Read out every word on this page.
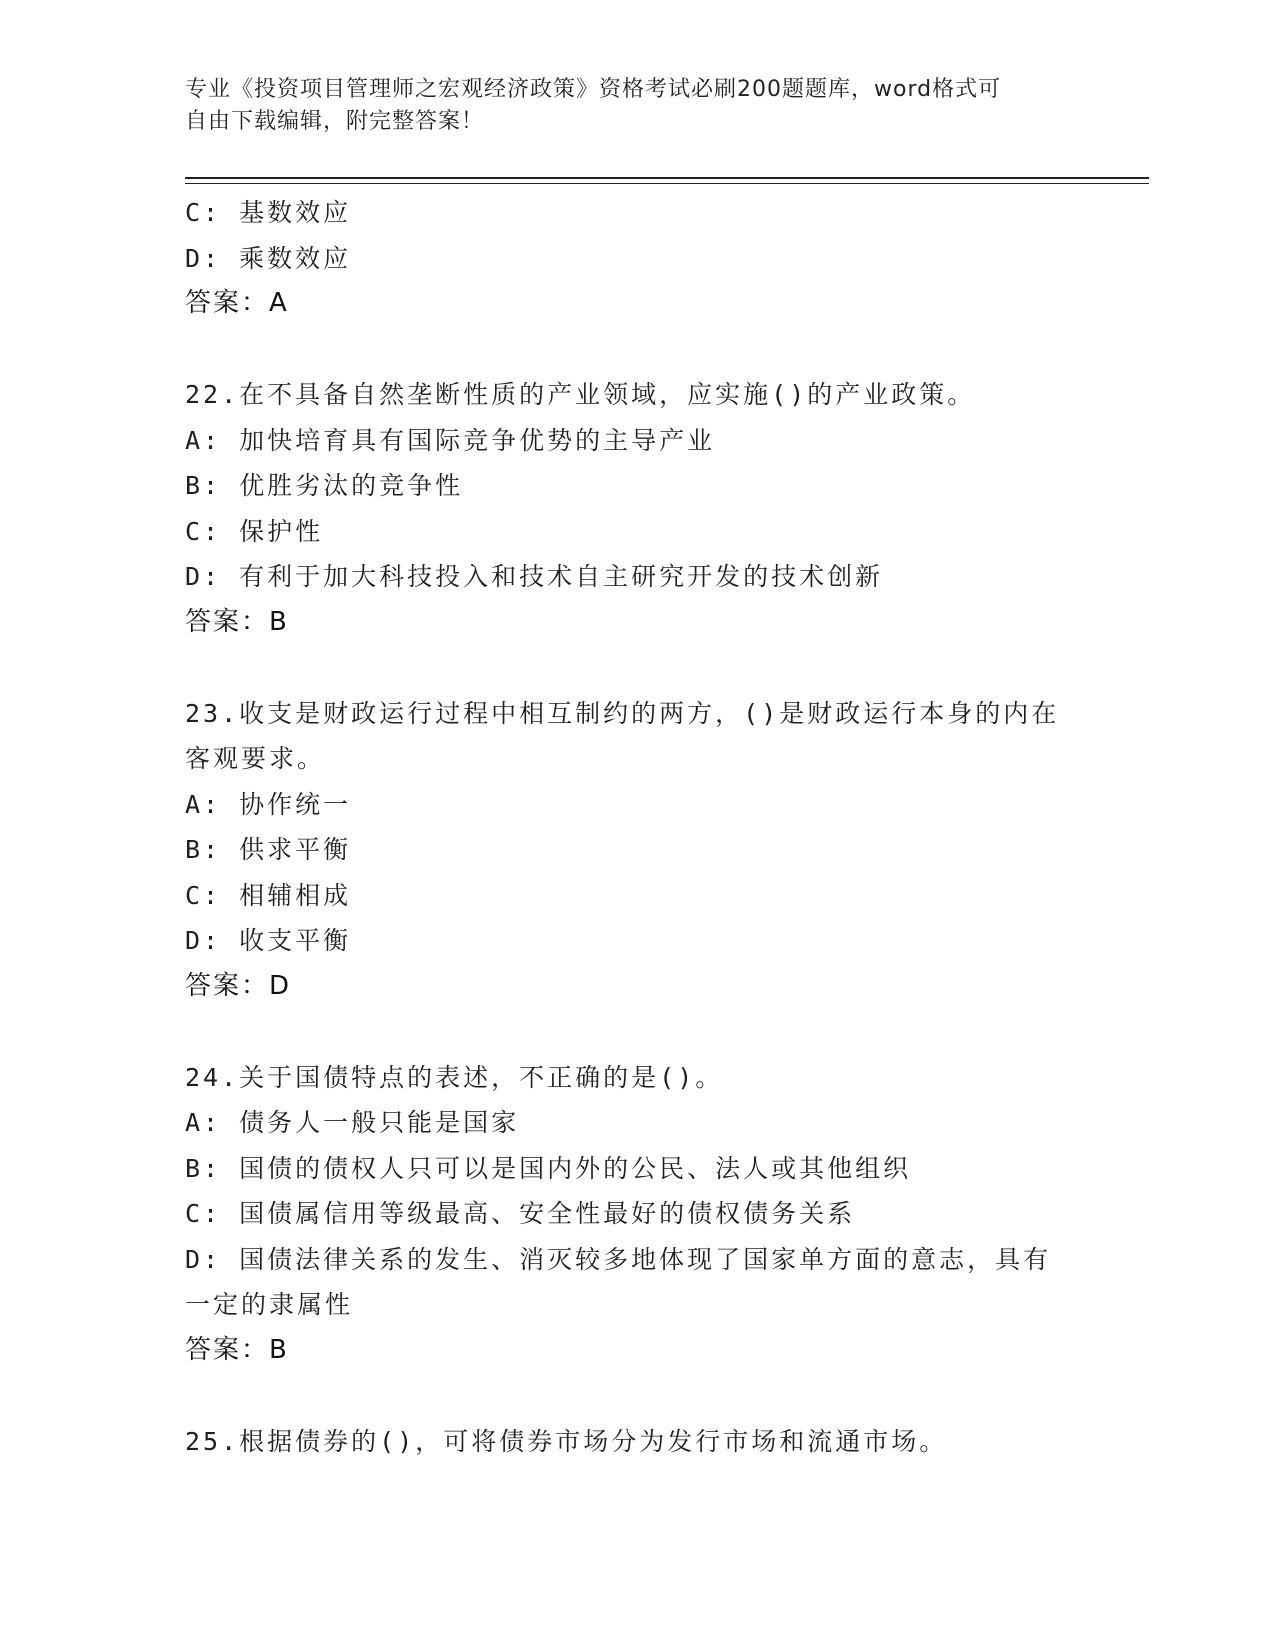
专业《投资项目管理师之宏观经济政策》资格考试必刷200题题库，word格式可
自由下载编辑，附完整答案！
C: 基数效应
D: 乘数效应
答案：A
22.在不具备自然垄断性质的产业领域，应实施()的产业政策。
A: 加快培育具有国际竞争优势的主导产业
B: 优胜劣汰的竞争性
C: 保护性
D: 有利于加大科技投入和技术自主研究开发的技术创新
答案：B
23.收支是财政运行过程中相互制约的两方，()是财政运行本身的内在
客观要求。
A: 协作统一
B: 供求平衡
C: 相辅相成
D: 收支平衡
答案：D
24.关于国债特点的表述，不正确的是()。
A: 债务人一般只能是国家
B: 国债的债权人只可以是国内外的公民、法人或其他组织
C: 国债属信用等级最高、安全性最好的债权债务关系
D: 国债法律关系的发生、消灭较多地体现了国家单方面的意志，具有
一定的隶属性
答案：B
25.根据债券的()，可将债券市场分为发行市场和流通市场。
